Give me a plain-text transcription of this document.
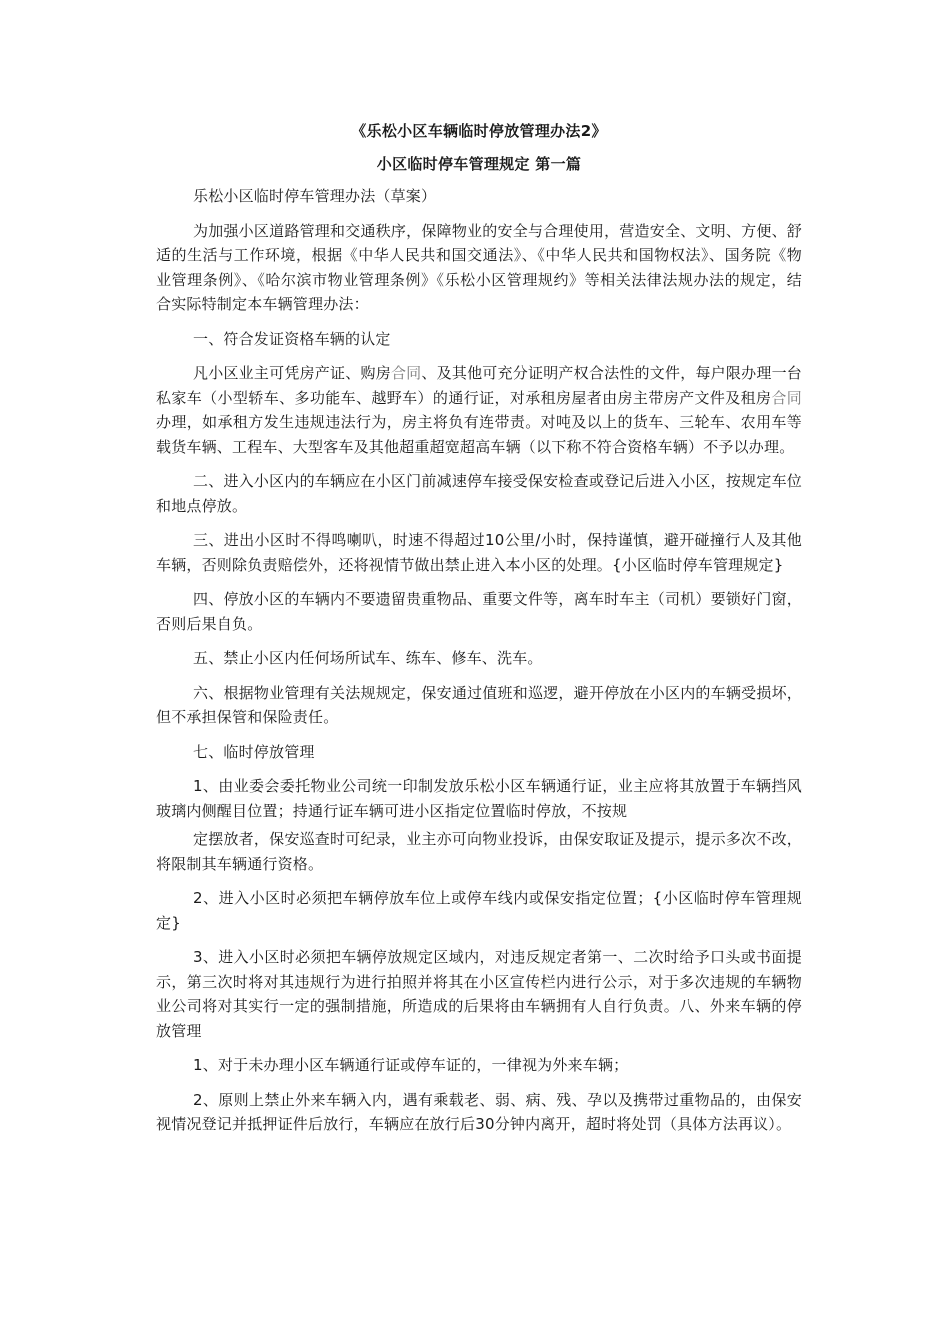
《乐松小区车辆临时停放管理办法2》

小区临时停车管理规定 第一篇

乐松小区临时停车管理办法（草案）

为加强小区道路管理和交通秩序，保障物业的安全与合理使用，营造安全、文明、方便、舒适的生活与工作环境，根据《中华人民共和国交通法》、《中华人民共和国物权法》、国务院《物业管理条例》、《哈尔滨市物业管理条例》《乐松小区管理规约》等相关法律法规办法的规定，结合实际特制定本车辆管理办法：

一、符合发证资格车辆的认定

凡小区业主可凭房产证、购房合同、及其他可充分证明产权合法性的文件，每户限办理一台私家车（小型轿车、多功能车、越野车）的通行证，对承租房屋者由房主带房产文件及租房合同办理，如承租方发生违规违法行为，房主将负有连带责。对吨及以上的货车、三轮车、农用车等载货车辆、工程车、大型客车及其他超重超宽超高车辆（以下称不符合资格车辆）不予以办理。

二、进入小区内的车辆应在小区门前减速停车接受保安检查或登记后进入小区，按规定车位和地点停放。

三、进出小区时不得鸣喇叭，时速不得超过10公里/小时，保持谨慎，避开碰撞行人及其他车辆，否则除负责赔偿外，还将视情节做出禁止进入本小区的处理。{小区临时停车管理规定}

四、停放小区的车辆内不要遗留贵重物品、重要文件等，离车时车主（司机）要锁好门窗，否则后果自负。

五、禁止小区内任何场所试车、练车、修车、洗车。

六、根据物业管理有关法规规定，保安通过值班和巡逻，避开停放在小区内的车辆受损坏，但不承担保管和保险责任。

七、临时停放管理

1、由业委会委托物业公司统一印制发放乐松小区车辆通行证，业主应将其放置于车辆挡风玻璃内侧醒目位置；持通行证车辆可进小区指定位置临时停放，不按规

定摆放者，保安巡查时可纪录，业主亦可向物业投诉，由保安取证及提示，提示多次不改，将限制其车辆通行资格。

2、进入小区时必须把车辆停放车位上或停车线内或保安指定位置；{小区临时停车管理规定}

3、进入小区时必须把车辆停放规定区域内，对违反规定者第一、二次时给予口头或书面提示，第三次时将对其违规行为进行拍照并将其在小区宣传栏内进行公示，对于多次违规的车辆物业公司将对其实行一定的强制措施，所造成的后果将由车辆拥有人自行负责。八、外来车辆的停放管理

1、对于未办理小区车辆通行证或停车证的，一律视为外来车辆；

2、原则上禁止外来车辆入内，遇有乘载老、弱、病、残、孕以及携带过重物品的，由保安视情况登记并抵押证件后放行，车辆应在放行后30分钟内离开，超时将处罚（具体方法再议）。
